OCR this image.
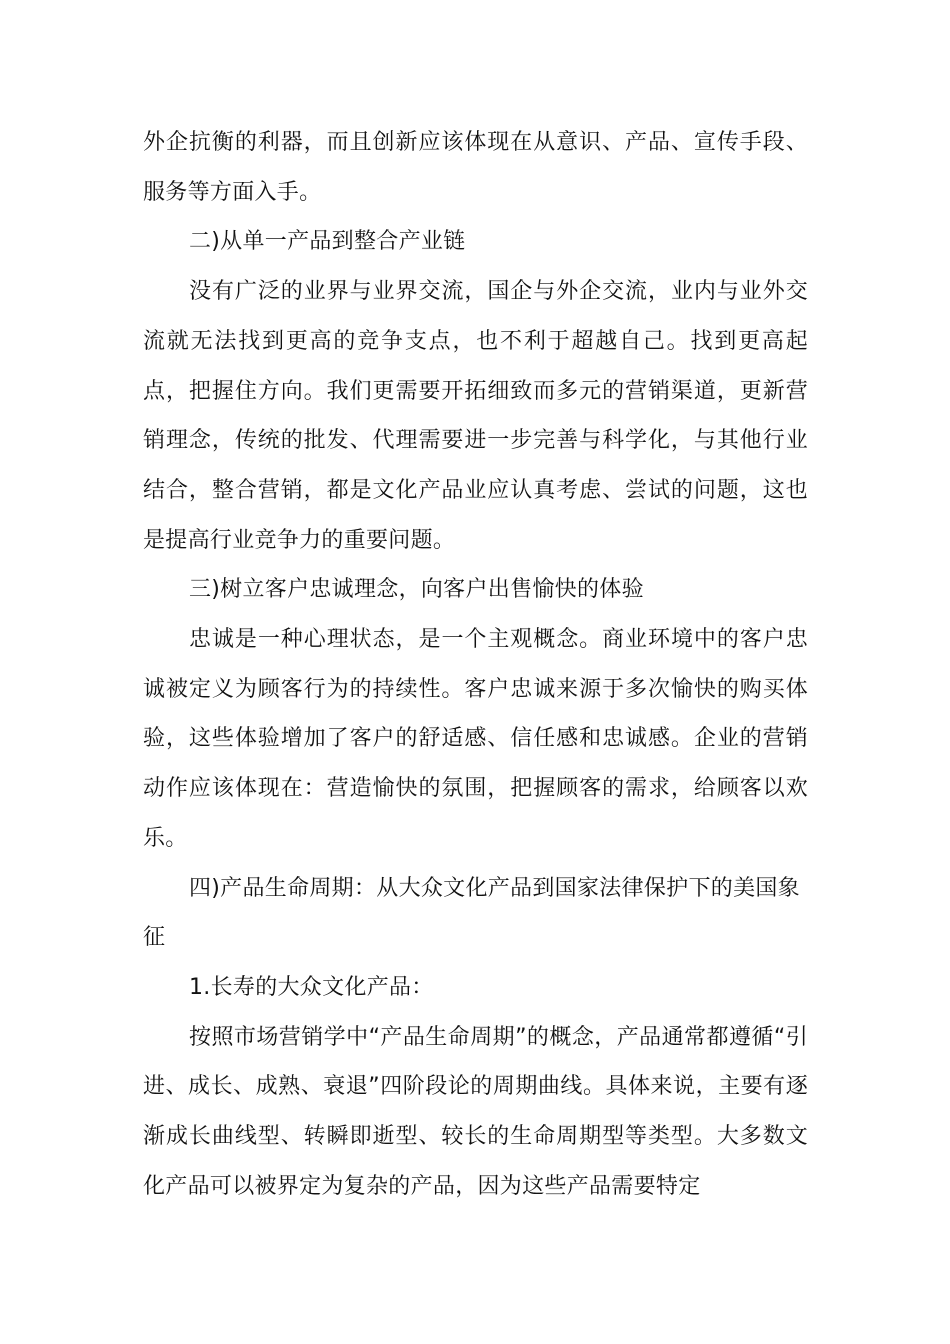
外企抗衡的利器，而且创新应该体现在从意识、产品、宣传手段、服务等方面入手。

二)从单一产品到整合产业链

没有广泛的业界与业界交流，国企与外企交流，业内与业外交流就无法找到更高的竞争支点，也不利于超越自己。找到更高起点，把握住方向。我们更需要开拓细致而多元的营销渠道，更新营销理念，传统的批发、代理需要进一步完善与科学化，与其他行业结合，整合营销，都是文化产品业应认真考虑、尝试的问题，这也是提高行业竞争力的重要问题。

三)树立客户忠诚理念，向客户出售愉快的体验

忠诚是一种心理状态，是一个主观概念。商业环境中的客户忠诚被定义为顾客行为的持续性。客户忠诚来源于多次愉快的购买体验，这些体验增加了客户的舒适感、信任感和忠诚感。企业的营销动作应该体现在：营造愉快的氛围，把握顾客的需求，给顾客以欢乐。

四)产品生命周期：从大众文化产品到国家法律保护下的美国象征

1.长寿的大众文化产品：

按照市场营销学中“产品生命周期”的概念，产品通常都遵循“引进、成长、成熟、衰退”四阶段论的周期曲线。具体来说，主要有逐渐成长曲线型、转瞬即逝型、较长的生命周期型等类型。大多数文化产品可以被界定为复杂的产品，因为这些产品需要特定
